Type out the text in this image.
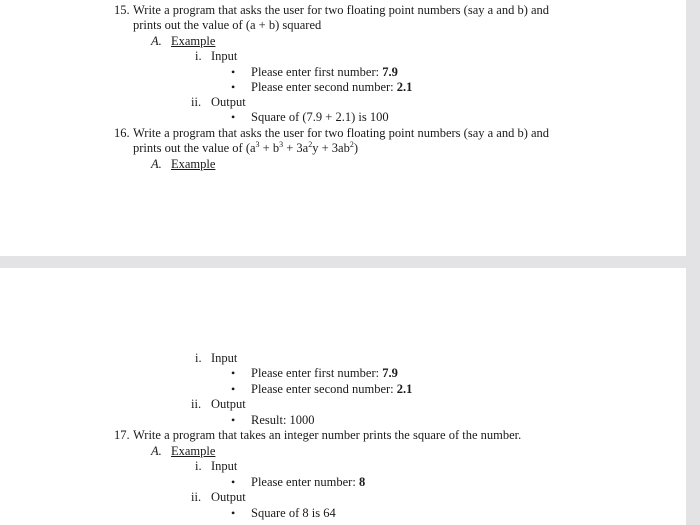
15. Write a program that asks the user for two floating point numbers (say a and b) and
prints out the value of (a + b) squared
A. Example
i. Input
• Please enter first number: 7.9
• Please enter second number: 2.1
ii. Output
• Square of (7.9 + 2.1) is 100
16. Write a program that asks the user for two floating point numbers (say a and b) and
prints out the value of $(a^3 + b^3 + 3a^2y + 3ab^2)$
A. Example
i. Input
• Please enter first number: 7.9
• Please enter second number: 2.1
ii. Output
• Result: 1000
17. Write a program that takes an integer number prints the square of the number.
A. Example
i. Input
• Please enter number: 8
ii. Output
• Square of 8 is 64
